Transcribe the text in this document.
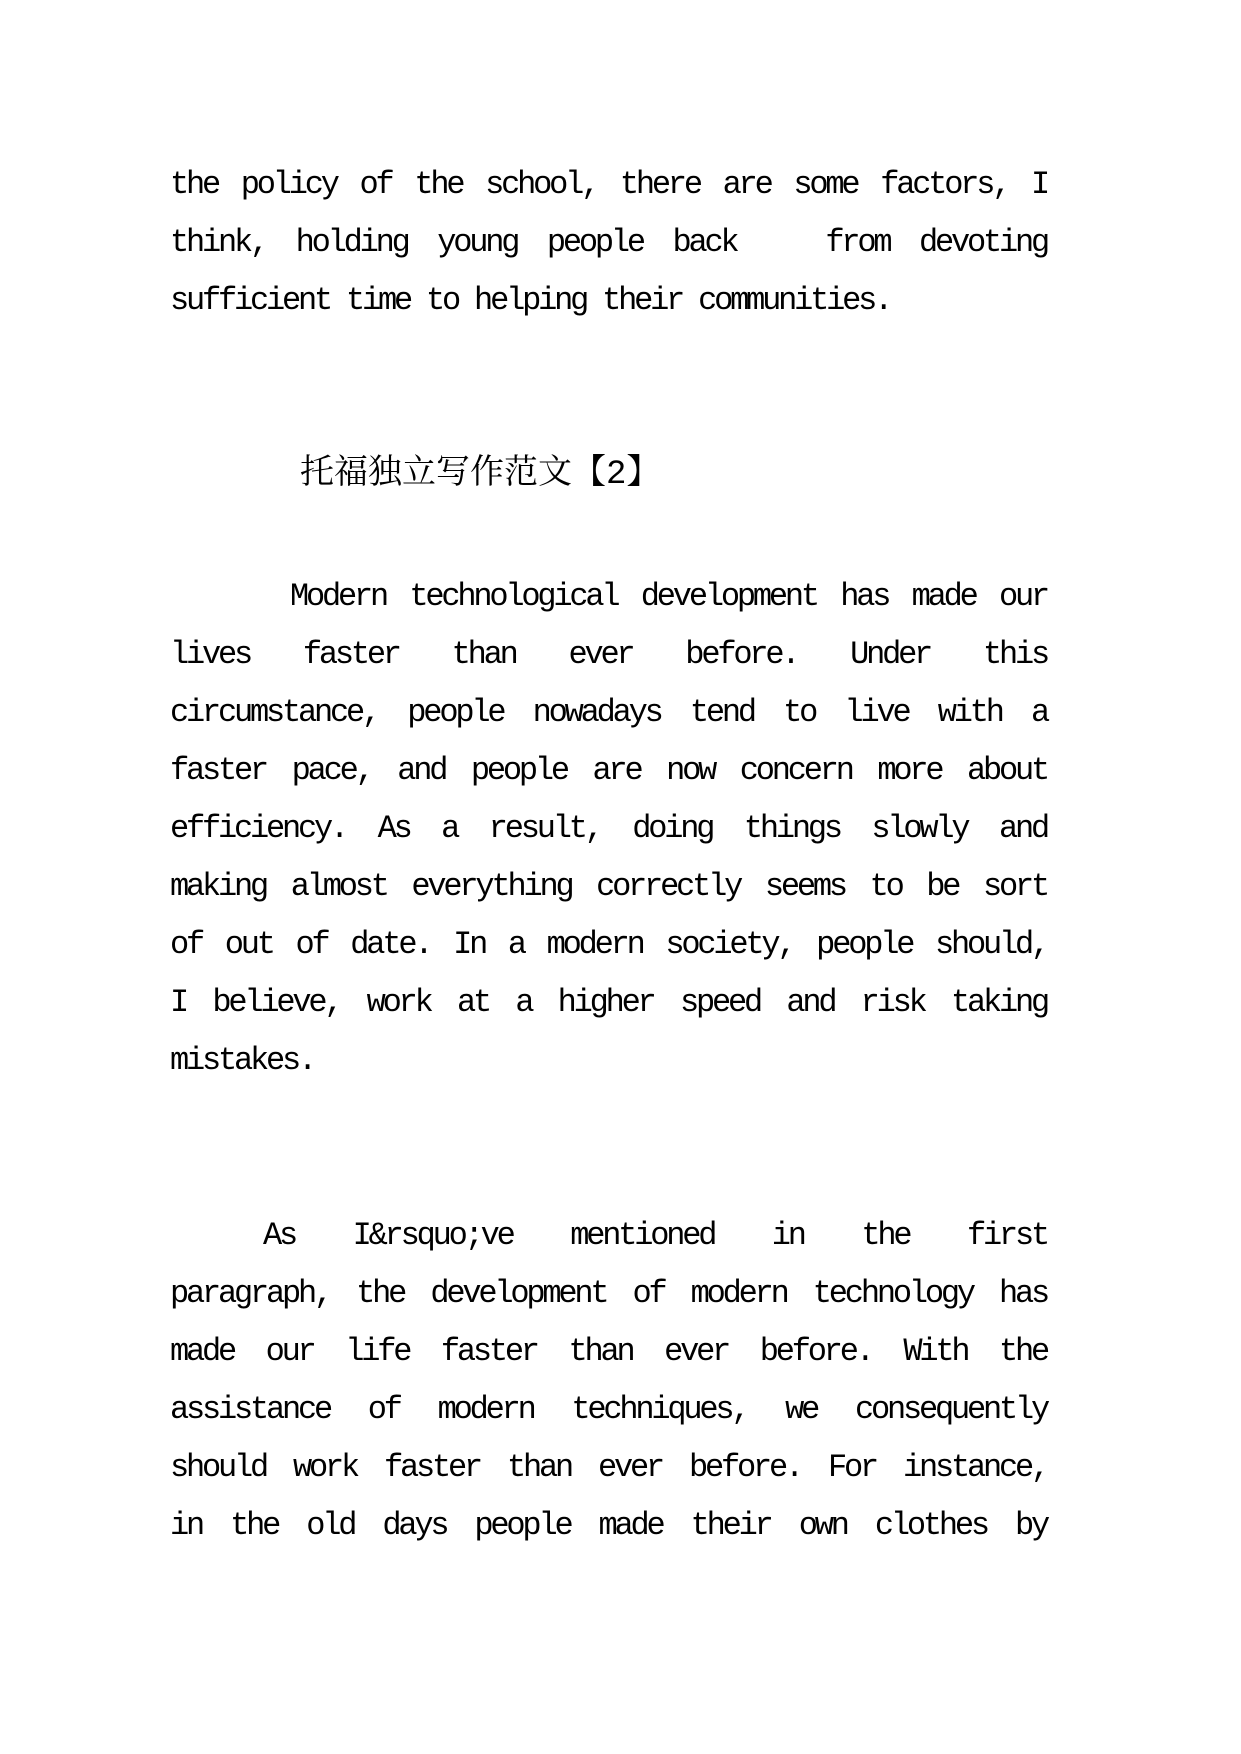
the policy of the school, there are some factors, I
think, holding young people back   from devoting
sufficient time to helping their communities.
托福独立写作范文【2】
Modern technological development has made our
lives faster than ever before. Under this
circumstance, people nowadays tend to live with a
faster pace, and people are now concern more about
efficiency. As a result, doing things slowly and
making almost everything correctly seems to be sort
of out of date. In a modern society, people should,
I believe, work at a higher speed and risk taking
mistakes.
As I&rsquo;ve mentioned in the first
paragraph, the development of modern technology has
made our life faster than ever before. With the
assistance of modern techniques, we consequently
should work faster than ever before. For instance,
in the old days people made their own clothes by
